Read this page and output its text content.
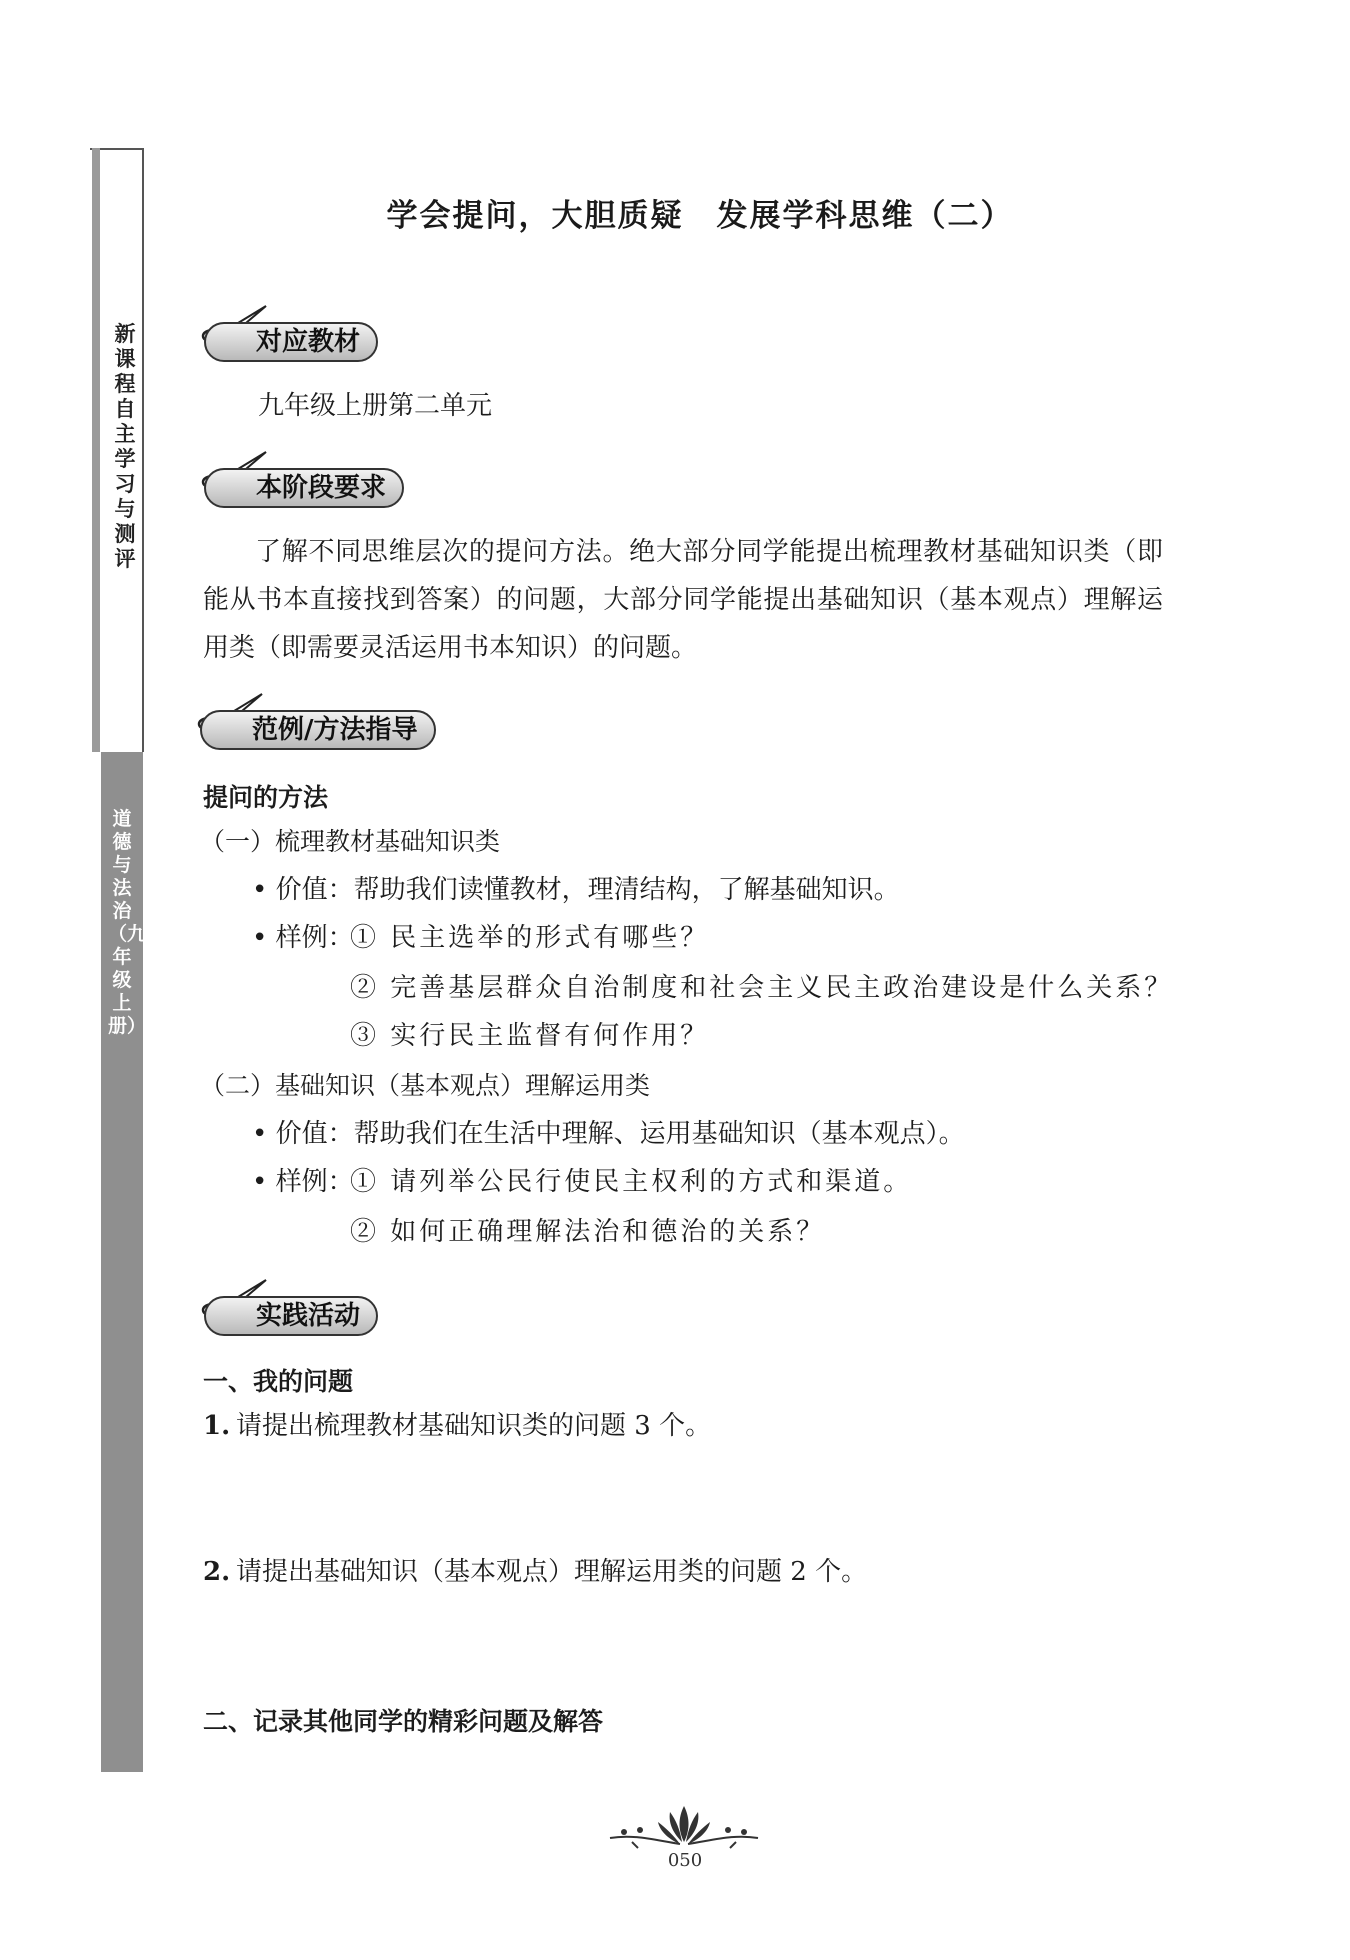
新课程自主学习与测评
道德与法治（九年级上册）
学会提问，大胆质疑　发展学科思维（二）
对应教材
九年级上册第二单元
本阶段要求
了解不同思维层次的提问方法。绝大部分同学能提出梳理教材基础知识类（即能从书本直接找到答案）的问题，大部分同学能提出基础知识（基本观点）理解运用类（即需要灵活运用书本知识）的问题。
范例/方法指导
提问的方法
（一）梳理教材基础知识类
• 价值：帮助我们读懂教材，理清结构，了解基础知识。
• 样例：
① 民主选举的形式有哪些？
② 完善基层群众自治制度和社会主义民主政治建设是什么关系？
③ 实行民主监督有何作用？
（二）基础知识（基本观点）理解运用类
• 价值：帮助我们在生活中理解、运用基础知识（基本观点）。
• 样例：
① 请列举公民行使民主权利的方式和渠道。
② 如何正确理解法治和德治的关系？
实践活动
一、我的问题
1. 请提出梳理教材基础知识类的问题 3 个。
2. 请提出基础知识（基本观点）理解运用类的问题 2 个。
二、记录其他同学的精彩问题及解答
050
